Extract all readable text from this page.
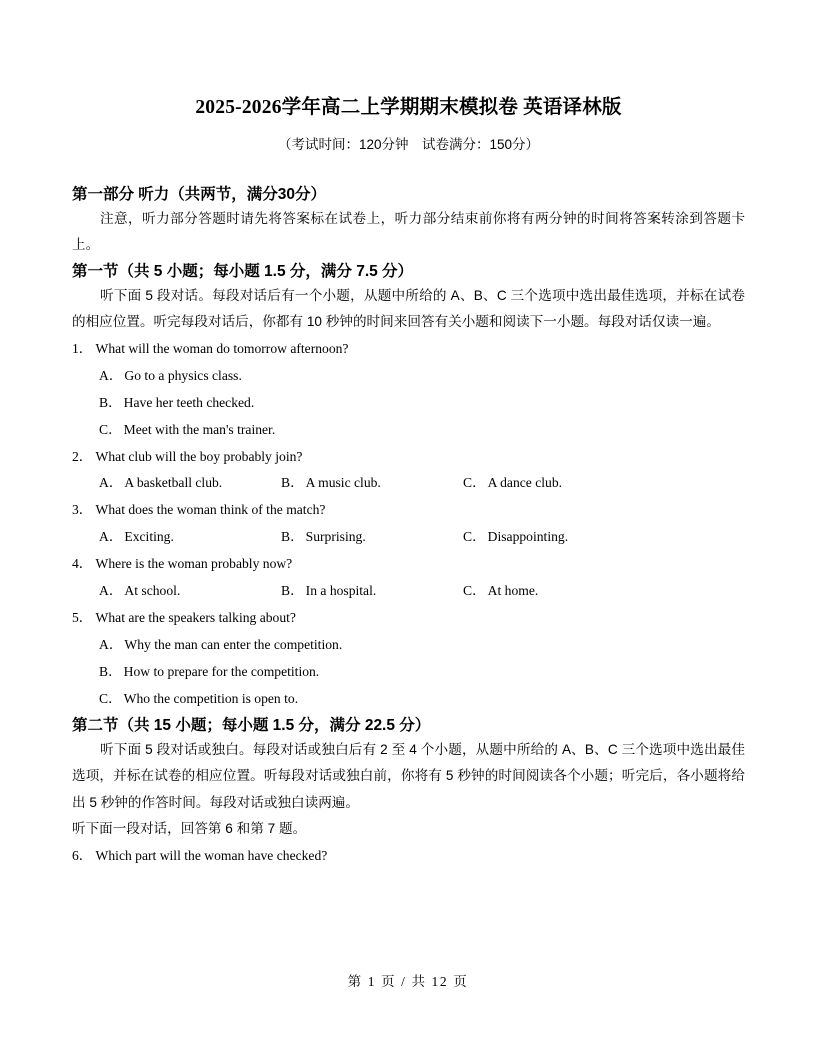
2025-2026学年高二上学期期末模拟卷 英语译林版

（考试时间：120分钟　试卷满分：150分）

第一部分 听力（共两节，满分30分）

注意，听力部分答题时请先将答案标在试卷上，听力部分结束前你将有两分钟的时间将答案转涂到答题卡上。

第一节（共 5 小题；每小题 1.5 分，满分 7.5 分）

听下面 5 段对话。每段对话后有一个小题，从题中所给的 A、B、C 三个选项中选出最佳选项，并标在试卷的相应位置。听完每段对话后，你都有 10 秒钟的时间来回答有关小题和阅读下一小题。每段对话仅读一遍。

1． What will the woman do tomorrow afternoon?

A． Go to a physics class.

B． Have her teeth checked.

C． Meet with the man's trainer.

2． What club will the boy probably join?

A． A basketball club.	B． A music club.	C． A dance club.

3． What does the woman think of the match?

A． Exciting.	B． Surprising.	C． Disappointing.

4． Where is the woman probably now?

A． At school.	B． In a hospital.	C． At home.

5． What are the speakers talking about?

A． Why the man can enter the competition.

B． How to prepare for the competition.

C． Who the competition is open to.

第二节（共 15 小题；每小题 1.5 分，满分 22.5 分）

听下面 5 段对话或独白。每段对话或独白后有 2 至 4 个小题，从题中所给的 A、B、C 三个选项中选出最佳选项，并标在试卷的相应位置。听每段对话或独白前，你将有 5 秒钟的时间阅读各个小题；听完后，各小题将给出 5 秒钟的作答时间。每段对话或独白读两遍。

听下面一段对话，回答第 6 和第 7 题。

6． Which part will the woman have checked?

第 1 页 / 共 12 页
